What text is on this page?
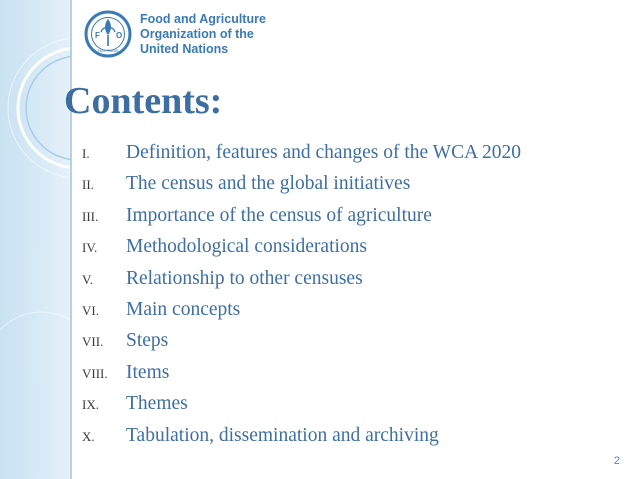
F O
FIAT PANIS
Food and Agriculture
Organization of the
United Nations
Contents:
I.	Definition, features and changes of the WCA 2020
II.	The census and the global initiatives
III.	Importance of the census of agriculture
IV.	Methodological considerations
V.	Relationship to other censuses
VI.	Main concepts
VII.	Steps
VIII. Items
IX.	Themes
X.	Tabulation, dissemination and archiving
2
